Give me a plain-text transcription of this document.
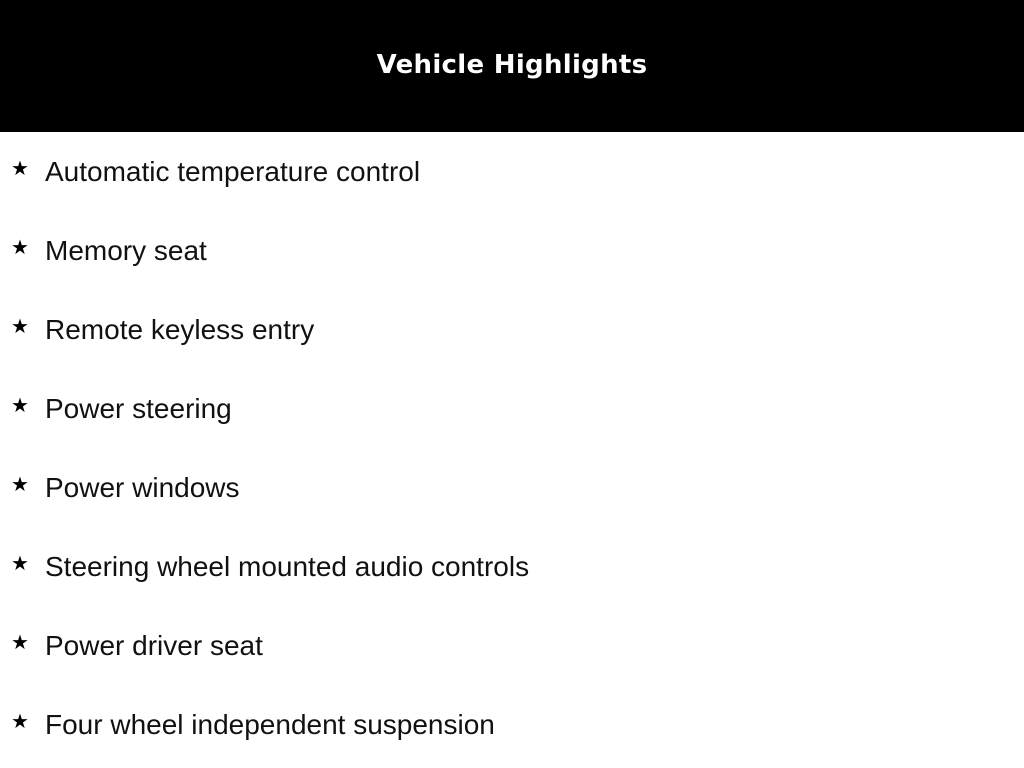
Vehicle Highlights
★ Automatic temperature control
★ Memory seat
★ Remote keyless entry
★ Power steering
★ Power windows
★ Steering wheel mounted audio controls
★ Power driver seat
★ Four wheel independent suspension
